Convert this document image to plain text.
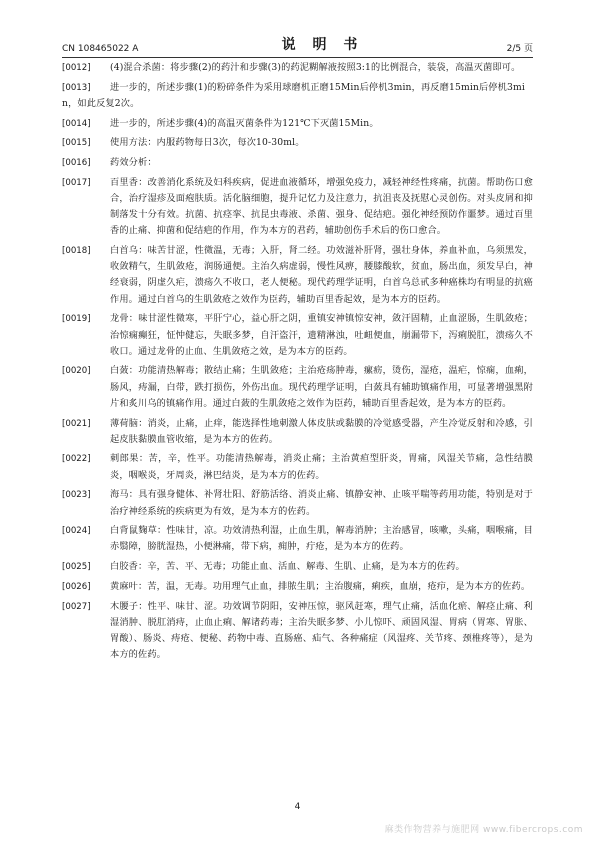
CN 108465022 A	说 明 书	2/5 页
[0012]	(4)混合杀菌：将步骤(2)的药汁和步骤(3)的药泥糊解液按照3:1的比例混合，装袋，高温灭菌即可。
[0013] 进一步的，所述步骤(1)的粉碎条件为采用球磨机正磨15Min后停机3min，再反磨15min后停机3min，如此反复2次。
[0014]	进一步的，所述步骤(4)的高温灭菌条件为121℃下灭菌15Min。
[0015]	使用方法：内服药物每日3次，每次10-30ml。
[0016]	药效分析：
[0017]	百里香：改善消化系统及妇科疾病，促进血液循环，增强免疫力，减轻神经性疼痛，抗菌。帮助伤口愈合，治疗湿疹及面疱肤质。活化脑细胞，提升记忆力及注意力，抗沮丧及抚慰心灵创伤。对头皮屑和抑制落发十分有效。抗菌、抗痉挛、抗昆虫毒液、杀菌、强身、促结疤。强化神经预防作噩梦。通过百里香的止痛、抑菌和促结疤的作用，作为本方的君药，辅助创伤手术后的伤口愈合。
[0018]	白首乌：味苦甘涩，性微温，无毒；入肝，肾二经。功效滋补肝肾，强壮身体，养血补血，乌须黑发，收敛精气，生肌敛疮，润肠通便。主治久病虚弱，慢性风痹，腰膝酸软，贫血，肠出血，须发早白，神经衰弱，阴虚久疟，溃疡久不收口，老人便秘。现代药理学证明，白首乌总甙多种癌株均有明显的抗癌作用。通过白首乌的生肌敛疮之效作为臣药，辅助百里香起效，是为本方的臣药。
[0019]	龙骨：味甘涩性微寒，平肝宁心，益心肝之阴，重镇安神镇惊安神，敛汗固精，止血涩肠，生肌敛疮；治惊痫癫狂，怔忡健忘，失眠多梦，自汗盗汗，遗精淋浊，吐衄便血，崩漏带下，泻痢脱肛，溃疡久不收口。通过龙骨的止血、生肌敛疮之效，是为本方的臣药。
[0020]	白蔹：功能清热解毒；散结止痛；生肌敛疮；主治疮疡肿毒，瘰疬，烫伤，湿疮，温疟，惊痫，血痢，肠风，痔漏，白带，跌打损伤，外伤出血。现代药理学证明，白蔹具有辅助镇痛作用，可显著增强黑附片和炙川乌的镇痛作用。通过白蔹的生肌敛疮之效作为臣药，辅助百里香起效，是为本方的臣药。
[0021]	薄荷脑：消炎，止痛，止痒，能选择性地刺激人体皮肤或黏膜的冷觉感受器，产生冷觉反射和冷感，引起皮肤黏膜血管收缩，是为本方的佐药。
[0022]	刺郎果：苦，辛，性平。功能清热解毒，消炎止痛；主治黄疸型肝炎，胃痛，风湿关节痛，急性结膜炎，咽喉炎，牙周炎，淋巴结炎，是为本方的佐药。
[0023]	海马：具有强身健体、补肾壮阳、舒筋活络、消炎止痛、镇静安神、止咳平喘等药用功能，特别是对于治疗神经系统的疾病更为有效，是为本方的佐药。
[0024]	白背鼠麴草：性味甘，凉。功效清热利湿，止血生肌，解毒消肿；主治感冒，咳嗽，头痛，咽喉痛，目赤翳障，膀胱湿热，小便淋痛，带下病，痈肿，疔疮，是为本方的佐药。
[0025]	白胶香：辛，苦、平、无毒；功能止血、活血、解毒、生肌、止痛，是为本方的佐药。
[0026]	黄麻叶：苦，温，无毒。功用理气止血，排脓生肌；主治腹痛，痢疾，血崩，疮疖，是为本方的佐药。
[0027]	木腰子：性平、味甘、涩。功效调节阴阳，安神压惊，驱风赶寒，理气止痛，活血化瘀、解痉止痛、利湿消肿、脱肛消痔，止血止痢、解诸药毒；主治失眠多梦、小儿惊吓、顽固风湿、胃病（胃寒、胃胀、胃酸）、肠炎、痔疮、便秘、药物中毒、直肠癌、疝气、各种痛症（风湿疼、关节疼、颈椎疼等），是为本方的佐药。
4
麻类作物营养与施肥网 www.fibercrops.com
